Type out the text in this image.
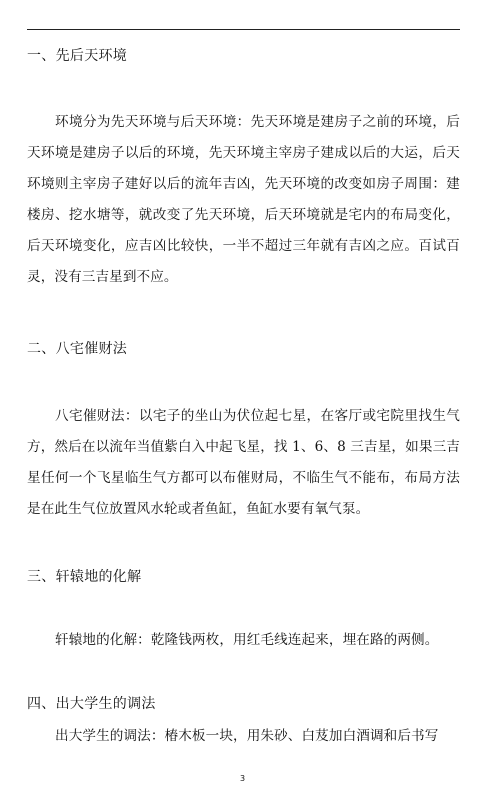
一、先后天环境
环境分为先天环境与后天环境：先天环境是建房子之前的环境，后天环境是建房子以后的环境，先天环境主宰房子建成以后的大运，后天环境则主宰房子建好以后的流年吉凶，先天环境的改变如房子周围：建楼房、挖水塘等，就改变了先天环境，后天环境就是宅内的布局变化，后天环境变化，应吉凶比较快，一半不超过三年就有吉凶之应。百试百灵，没有三吉星到不应。
二、八宅催财法
八宅催财法：以宅子的坐山为伏位起七星，在客厅或宅院里找生气方，然后在以流年当值紫白入中起飞星，找 1、6、8 三吉星，如果三吉星任何一个飞星临生气方都可以布催财局，不临生气不能布，布局方法是在此生气位放置风水轮或者鱼缸，鱼缸水要有氧气泵。
三、轩辕地的化解
轩辕地的化解：乾隆钱两枚，用红毛线连起来，埋在路的两侧。
四、出大学生的调法
出大学生的调法：椿木板一块，用朱砂、白芨加白酒调和后书写
3
